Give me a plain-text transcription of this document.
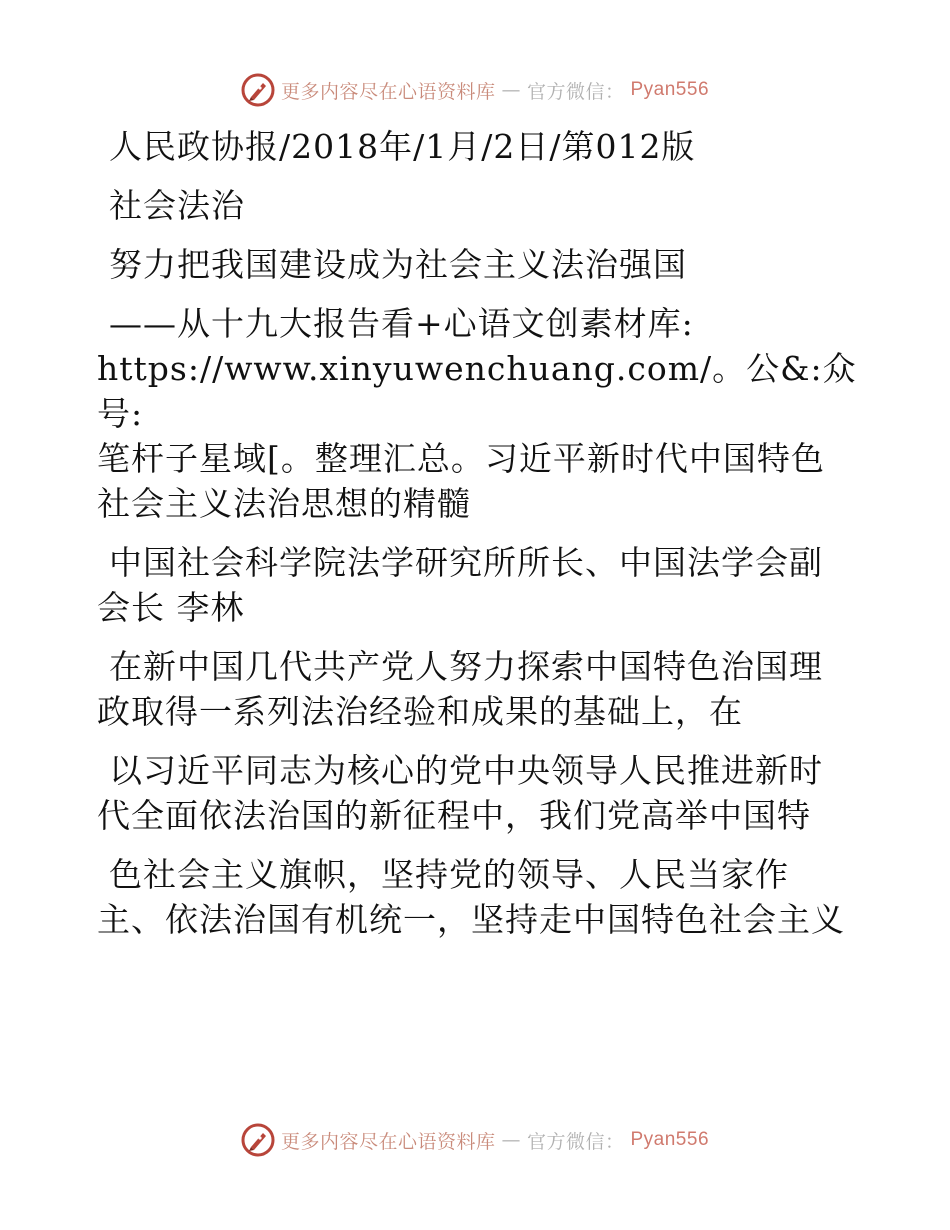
更多内容尽在心语资料库 — 官方微信： Pyan556

人民政协报/2018年/1月/2日/第012版

社会法治

努力把我国建设成为社会主义法治强国

——从十九大报告看+心语文创素材库:
https://www.xinyuwenchuang.com/。公&:众号:
笔杆子星域[。整理汇总。习近平新时代中国特色
社会主义法治思想的精髓

中国社会科学院法学研究所所长、中国法学会副
会长 李林

在新中国几代共产党人努力探索中国特色治国理
政取得一系列法治经验和成果的基础上，在

以习近平同志为核心的党中央领导人民推进新时
代全面依法治国的新征程中，我们党高举中国特

色社会主义旗帜，坚持党的领导、人民当家作
主、依法治国有机统一，坚持走中国特色社会主义

更多内容尽在心语资料库 — 官方微信： Pyan556
